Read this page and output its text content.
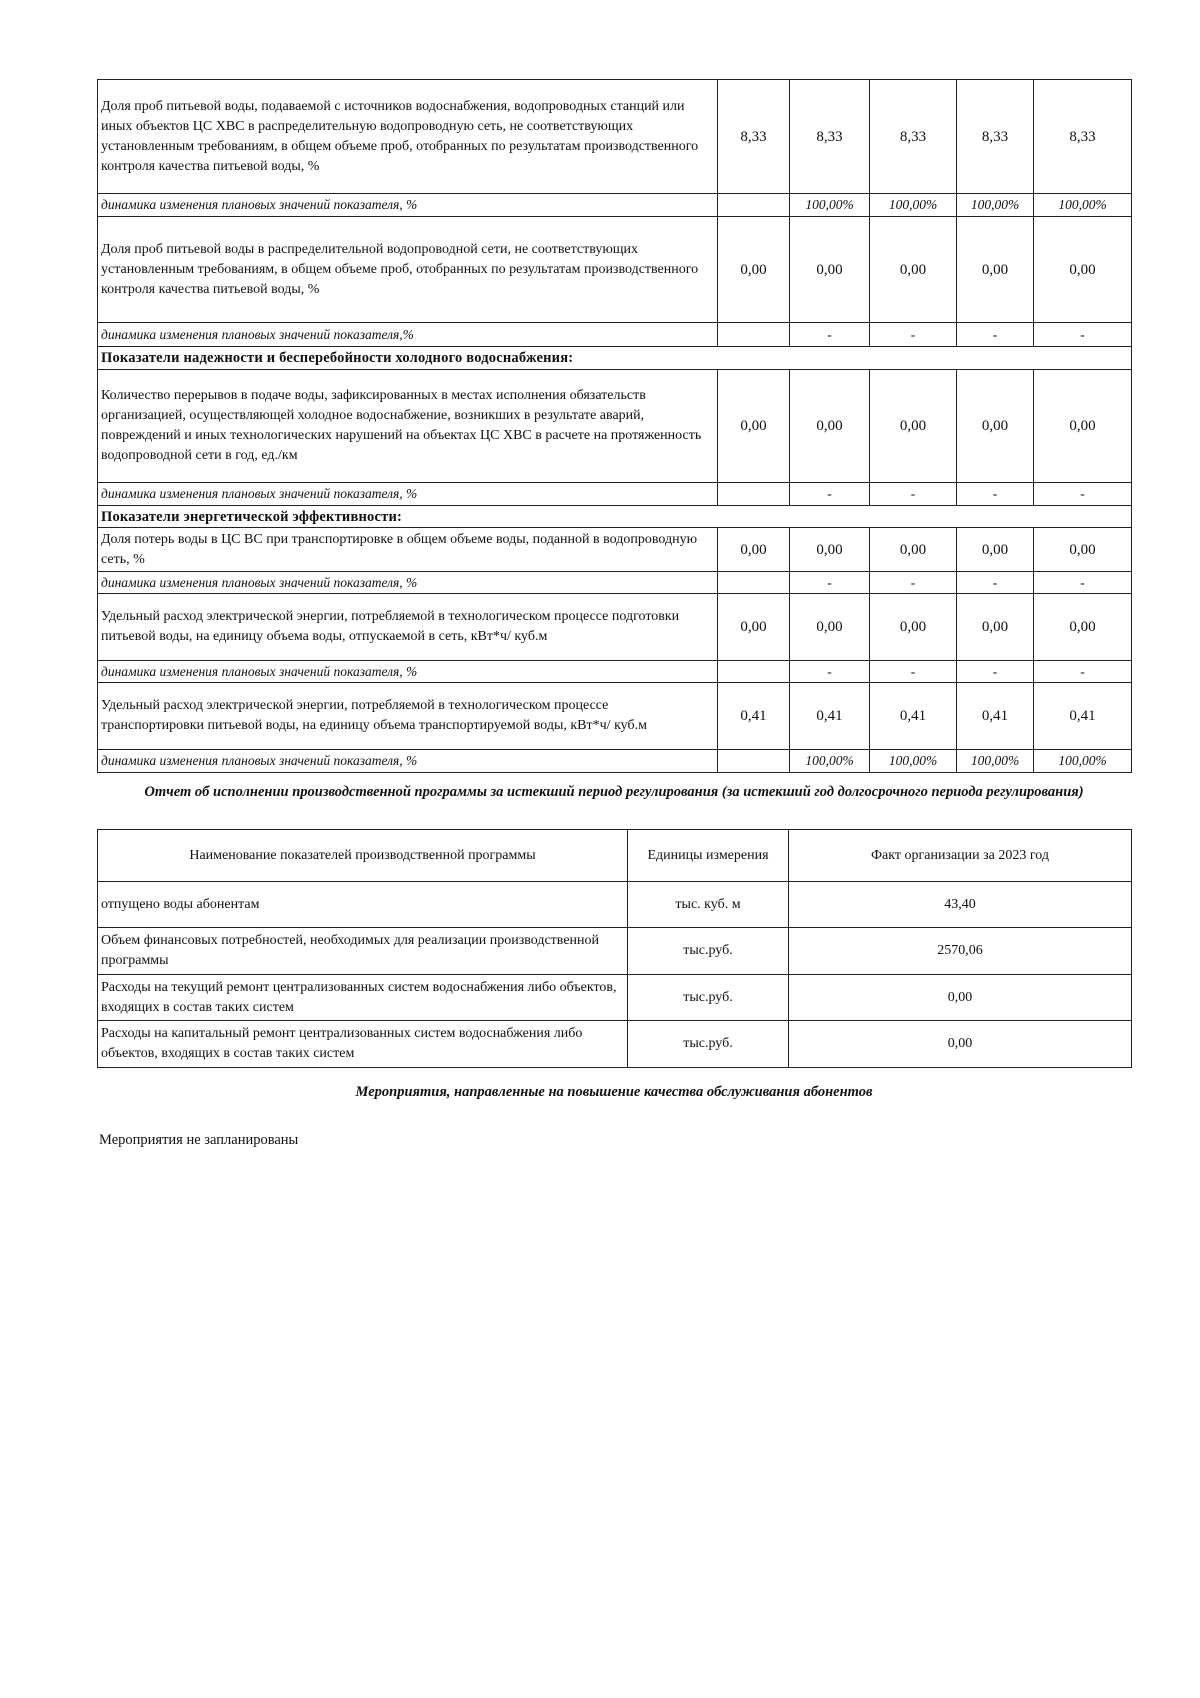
Доля проб питьевой воды, подаваемой с источников водоснабжения, водопроводных станций или иных объектов ЦС ХВС в распределительную водопроводную сеть, не соответствующих установленным требованиям, в общем объеме проб, отобранных по результатам производственного контроля качества питьевой воды, %	8,33	8,33	8,33	8,33	8,33
динамика изменения плановых значений показателя, %		100,00%	100,00%	100,00%	100,00%
Доля проб питьевой воды в распределительной водопроводной сети, не соответствующих установленным требованиям, в общем объеме проб, отобранных по результатам производственного контроля качества питьевой воды, %	0,00	0,00	0,00	0,00	0,00
динамика изменения плановых значений показателя,%		-	-	-	-
Показатели надежности и бесперебойности холодного водоснабжения:					
Количество перерывов в подаче воды, зафиксированных в местах исполнения обязательств организацией, осуществляющей холодное водоснабжение, возникших в результате аварий, повреждений и иных технологических нарушений на объектах ЦС ХВС в расчете на протяженность водопроводной сети в год, ед./км	0,00	0,00	0,00	0,00	0,00
динамика изменения плановых значений показателя, %		-	-	-	-
Показатели энергетической эффективности:					
Доля потерь воды в ЦС ВС при транспортировке в общем объеме воды, поданной в водопроводную сеть, %	0,00	0,00	0,00	0,00	0,00
динамика изменения плановых значений показателя, %		-	-	-	-
Удельный расход электрической энергии, потребляемой в технологическом процессе подготовки питьевой воды, на единицу объема воды, отпускаемой в сеть, кВт*ч/ куб.м	0,00	0,00	0,00	0,00	0,00
динамика изменения плановых значений показателя, %		-	-	-	-
Удельный расход электрической энергии, потребляемой в технологическом процессе транспортировки питьевой воды, на единицу объема транспортируемой воды, кВт*ч/ куб.м	0,41	0,41	0,41	0,41	0,41
динамика изменения плановых значений показателя, %		100,00%	100,00%	100,00%	100,00%
Отчет об исполнении производственной программы за истекший период регулирования (за истекший год долгосрочного периода регулирования)
Наименование показателей производственной программы	Единицы измерения	Факт организации за 2023 год
отпущено воды абонентам	тыс. куб. м	43,40
Объем финансовых потребностей, необходимых для реализации производственной программы	тыс.руб.	2570,06
Расходы на текущий ремонт централизованных систем водоснабжения либо объектов, входящих в состав таких систем	тыс.руб.	0,00
Расходы на капитальный ремонт централизованных систем водоснабжения либо объектов, входящих в состав таких систем	тыс.руб.	0,00
Мероприятия, направленные на повышение качества обслуживания абонентов
Мероприятия не запланированы
